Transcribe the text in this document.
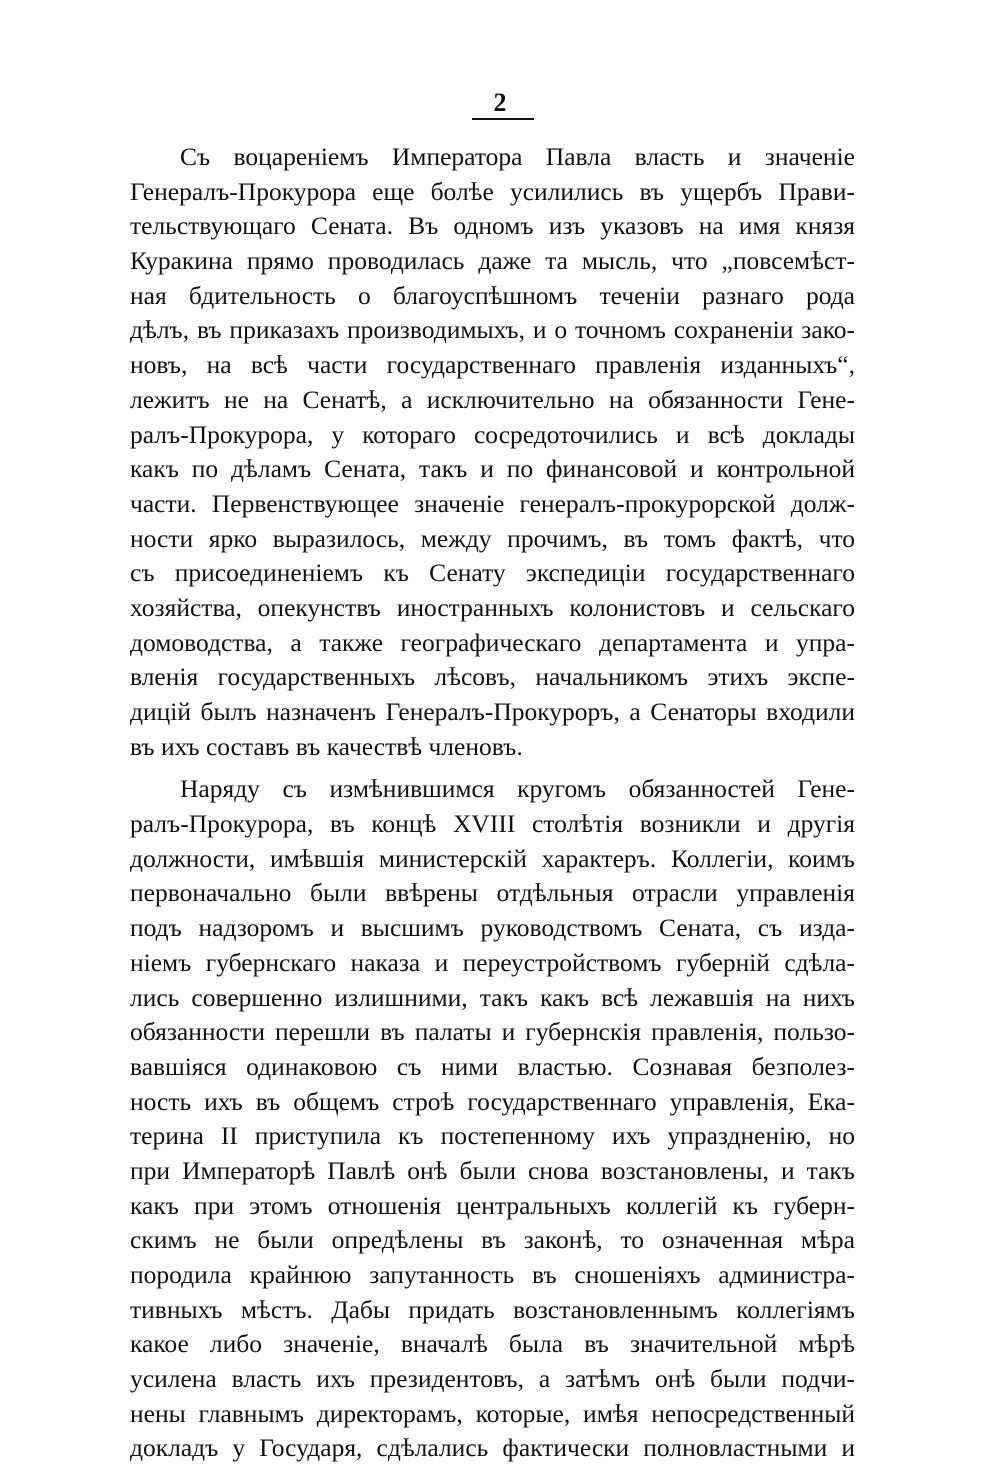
2
Съ воцареніемъ Императора Павла власть и значеніе
Генералъ-Прокурора еще болѣе усилились въ ущербъ Прави-
тельствующаго Сената. Въ одномъ изъ указовъ на имя князя
Куракина прямо проводилась даже та мысль, что „повсемѣст-
ная бдительность о благоуспѣшномъ теченіи разнаго рода
дѣлъ, въ приказахъ производимыхъ, и о точномъ сохраненіи зако-
новъ, на всѣ части государственнаго правленія изданныхъ“,
лежитъ не на Сенатѣ, а исключительно на обязанности Гене-
ралъ-Прокурора, у котораго сосредоточились и всѣ доклады
какъ по дѣламъ Сената, такъ и по финансовой и контрольной
части. Первенствующее значеніе генералъ-прокурорской долж-
ности ярко выразилось, между прочимъ, въ томъ фактѣ, что
съ присоединеніемъ къ Сенату экспедиціи государственнаго
хозяйства, опекунствъ иностранныхъ колонистовъ и сельскаго
домоводства, а также географическаго департамента и упра-
вленія государственныхъ лѣсовъ, начальникомъ этихъ экспе-
дицій былъ назначенъ Генералъ-Прокуроръ, а Сенаторы входили
въ ихъ составъ въ качествѣ членовъ.
Наряду съ измѣнившимся кругомъ обязанностей Гене-
ралъ-Прокурора, въ концѣ XVIII столѣтія возникли и другія
должности, имѣвшія министерскій характеръ. Коллегіи, коимъ
первоначально были ввѣрены отдѣльныя отрасли управленія
подъ надзоромъ и высшимъ руководствомъ Сената, съ изда-
ніемъ губернскаго наказа и переустройствомъ губерній сдѣла-
лись совершенно излишними, такъ какъ всѣ лежавшія на нихъ
обязанности перешли въ палаты и губернскія правленія, пользо-
вавшіяся одинаковою съ ними властью. Сознавая безполез-
ность ихъ въ общемъ строѣ государственнаго управленія, Ека-
терина II приступила къ постепенному ихъ упраздненію, но
при Императорѣ Павлѣ онѣ были снова возстановлены, и такъ
какъ при этомъ отношенія центральныхъ коллегій къ губерн-
скимъ не были опредѣлены въ законѣ, то означенная мѣра
породила крайнюю запутанность въ сношеніяхъ администра-
тивныхъ мѣстъ. Дабы придать возстановленнымъ коллегіямъ
какое либо значеніе, вначалѣ была въ значительной мѣрѣ
усилена власть ихъ президентовъ, а затѣмъ онѣ были подчи-
нены главнымъ директорамъ, которые, имѣя непосредственный
докладъ у Государя, сдѣлались фактически полновластными и
